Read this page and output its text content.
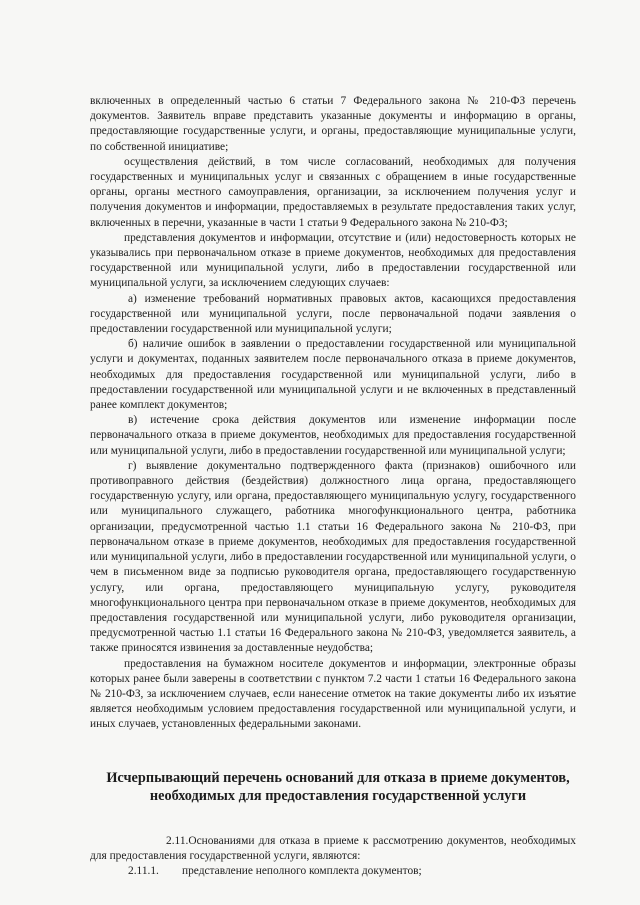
включенных в определенный частью 6 статьи 7 Федерального закона № 210-ФЗ перечень документов. Заявитель вправе представить указанные документы и информацию в органы, предоставляющие государственные услуги, и органы, предоставляющие муниципальные услуги, по собственной инициативе;

осуществления действий, в том числе согласований, необходимых для получения государственных и муниципальных услуг и связанных с обращением в иные государственные органы, органы местного самоуправления, организации, за исключением получения услуг и получения документов и информации, предоставляемых в результате предоставления таких услуг, включенных в перечни, указанные в части 1 статьи 9 Федерального закона № 210-ФЗ;

представления документов и информации, отсутствие и (или) недостоверность которых не указывались при первоначальном отказе в приеме документов, необходимых для предоставления государственной или муниципальной услуги, либо в предоставлении государственной или муниципальной услуги, за исключением следующих случаев:

а) изменение требований нормативных правовых актов, касающихся предоставления государственной или муниципальной услуги, после первоначальной подачи заявления о предоставлении государственной или муниципальной услуги;

б) наличие ошибок в заявлении о предоставлении государственной или муниципальной услуги и документах, поданных заявителем после первоначального отказа в приеме документов, необходимых для предоставления государственной или муниципальной услуги, либо в предоставлении государственной или муниципальной услуги и не включенных в представленный ранее комплект документов;

в) истечение срока действия документов или изменение информации после первоначального отказа в приеме документов, необходимых для предоставления государственной или муниципальной услуги, либо в предоставлении государственной или муниципальной услуги;

г) выявление документально подтвержденного факта (признаков) ошибочного или противоправного действия (бездействия) должностного лица органа, предоставляющего государственную услугу, или органа, предоставляющего муниципальную услугу, государственного или муниципального служащего, работника многофункционального центра, работника организации, предусмотренной частью 1.1 статьи 16 Федерального закона № 210-ФЗ, при первоначальном отказе в приеме документов, необходимых для предоставления государственной или муниципальной услуги, либо в предоставлении государственной или муниципальной услуги, о чем в письменном виде за подписью руководителя органа, предоставляющего государственную услугу, или органа, предоставляющего муниципальную услугу, руководителя многофункционального центра при первоначальном отказе в приеме документов, необходимых для предоставления государственной или муниципальной услуги, либо руководителя организации, предусмотренной частью 1.1 статьи 16 Федерального закона № 210-ФЗ, уведомляется заявитель, а также приносятся извинения за доставленные неудобства;

предоставления на бумажном носителе документов и информации, электронные образы которых ранее были заверены в соответствии с пунктом 7.2 части 1 статьи 16 Федерального закона № 210-ФЗ, за исключением случаев, если нанесение отметок на такие документы либо их изъятие является необходимым условием предоставления государственной или муниципальной услуги, и иных случаев, установленных федеральными законами.

Исчерпывающий перечень оснований для отказа в приеме документов,
необходимых для предоставления государственной услуги

2.11.Основаниями для отказа в приеме к рассмотрению документов, необходимых для предоставления государственной услуги, являются:

2.11.1. представление неполного комплекта документов;
